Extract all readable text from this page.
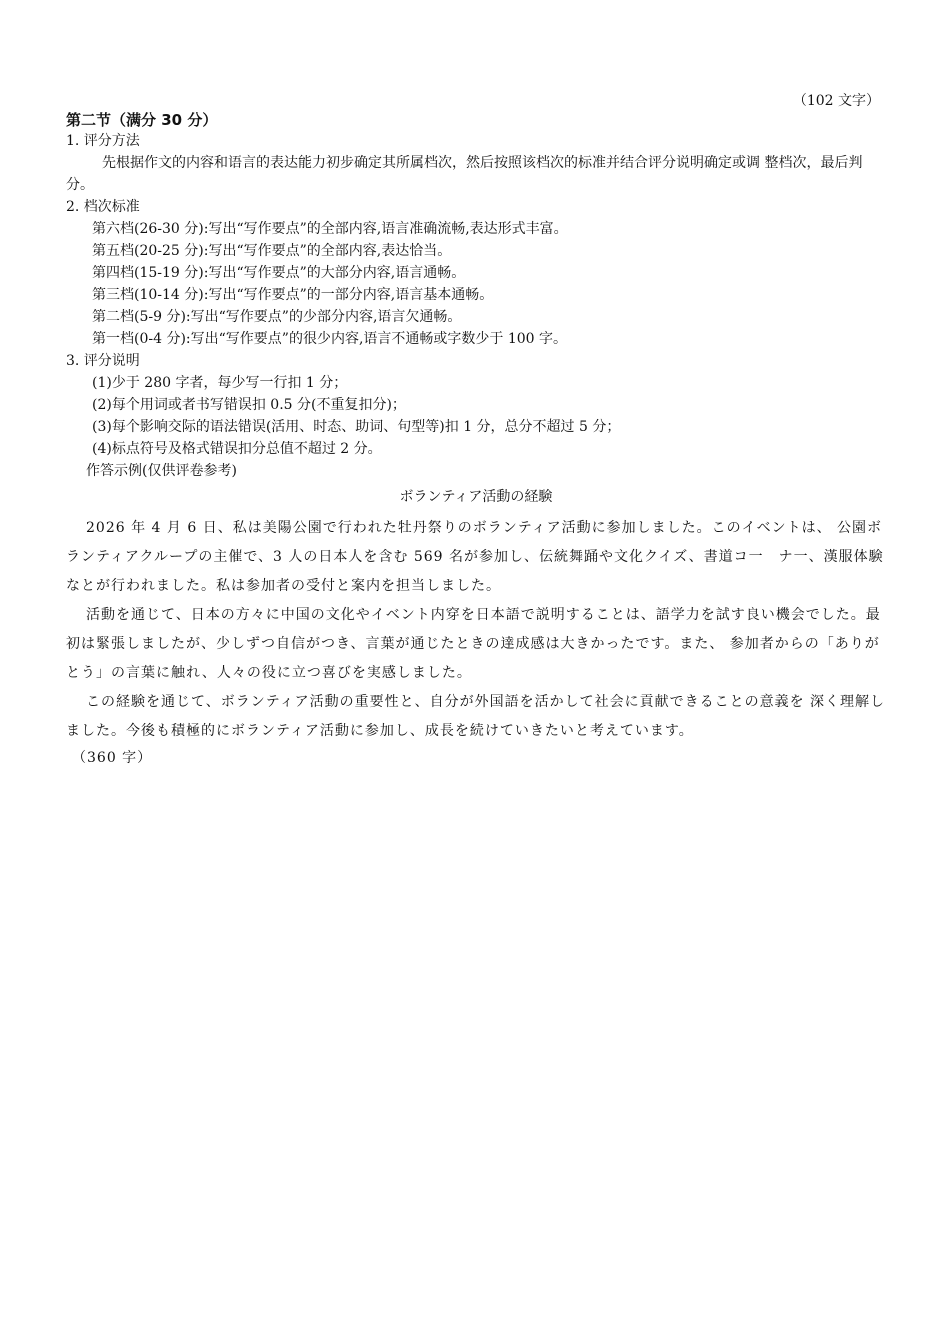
（102 文字）
第二节（满分 30 分）
1. 评分方法
先根据作文的内容和语言的表达能力初步确定其所属档次，然后按照该档次的标准并结合评分说明确定或调 整档次，最后判分。
2. 档次标准
第六档(26-30 分):写出“写作要点”的全部内容,语言准确流畅,表达形式丰富。
第五档(20-25 分):写出“写作要点”的全部内容,表达恰当。
第四档(15-19 分):写出“写作要点”的大部分内容,语言通畅。
第三档(10-14 分):写出“写作要点”的一部分内容,语言基本通畅。
第二档(5-9 分):写出“写作要点”的少部分内容,语言欠通畅。
第一档(0-4 分):写出“写作要点”的很少内容,语言不通畅或字数少于 100 字。
3. 评分说明
(1)少于 280 字者，每少写一行扣 1 分；
(2)每个用词或者书写错误扣 0.5 分(不重复扣分)；
(3)每个影响交际的语法错误(活用、时态、助词、句型等)扣 1 分，总分不超过 5 分；
(4)标点符号及格式错误扣分总值不超过 2 分。
作答示例(仅供评卷参考)
ボランティア活動の経験

2026 年 4 月 6 日、私は美陽公園で行われた牡丹祭りのボランティア活動に参加しました。このイベントは、 公園ボランティアクループの主催で、3 人の日本人を含む 569 名が参加し、伝統舞踊や文化クイズ、書道コ一　ナ一、漢服体験なとが行われました。私は参加者の受付と案内を担当しました。

活動を通じて、日本の方々に中国の文化やイベント内穿を日本語で説明することは、語学力を試す良い機会でした。最初は緊張しましたが、少しずつ自信がつき、言葉が通じたときの達成感は大きかったです。また、 参加者からの「ありがとう」の言葉に触れ、人々の役に立つ喜びを実感しました。

この経験を通じて、ボランティア活動の重要性と、自分が外国語を活かして社会に貢献できることの意義を 深く理解しました。今後も積極的にボランティア活動に参加し、成長を続けていきたいと考えています。

（360 字）
